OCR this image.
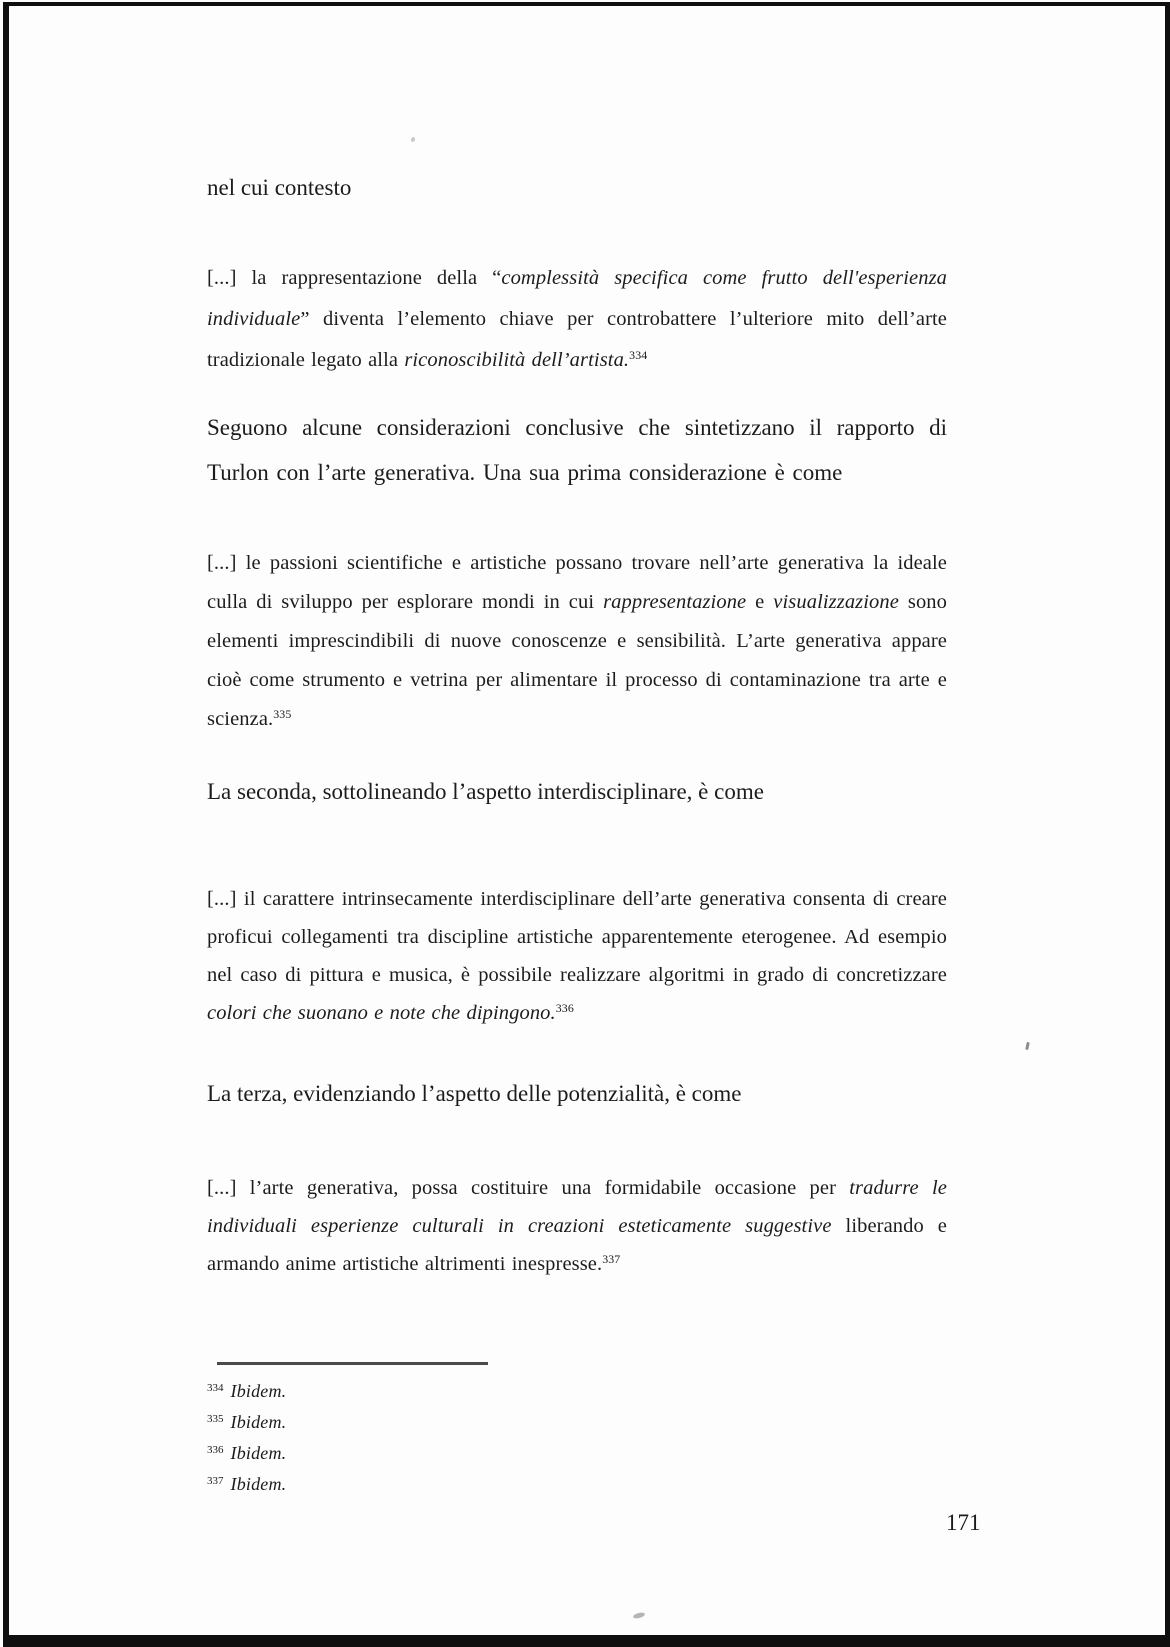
nel cui contesto
[...] la rappresentazione della “complessità specifica come frutto dell'esperienza individuale” diventa l’elemento chiave per controbattere l’ulteriore mito dell’arte tradizionale legato alla riconoscibilità dell’artista.$^{334}$
Seguono alcune considerazioni conclusive che sintetizzano il rapporto di Turlon con l’arte generativa. Una sua prima considerazione è come
[...] le passioni scientifiche e artistiche possano trovare nell’arte generativa la ideale culla di sviluppo per esplorare mondi in cui rappresentazione e visualizzazione sono elementi imprescindibili di nuove conoscenze e sensibilità. L’arte generativa appare cioè come strumento e vetrina per alimentare il processo di contaminazione tra arte e scienza.$^{335}$
La seconda, sottolineando l’aspetto interdisciplinare, è come
[...] il carattere intrinsecamente interdisciplinare dell’arte generativa consenta di creare proficui collegamenti tra discipline artistiche apparentemente eterogenee. Ad esempio nel caso di pittura e musica, è possibile realizzare algoritmi in grado di concretizzare colori che suonano e note che dipingono.$^{336}$
La terza, evidenziando l’aspetto delle potenzialità, è come
[...] l’arte generativa, possa costituire una formidabile occasione per tradurre le individuali esperienze culturali in creazioni esteticamente suggestive liberando e armando anime artistiche altrimenti inespresse.$^{337}$
$^{334}$ Ibidem.
$^{335}$ Ibidem.
$^{336}$ Ibidem.
$^{337}$ Ibidem.
171
